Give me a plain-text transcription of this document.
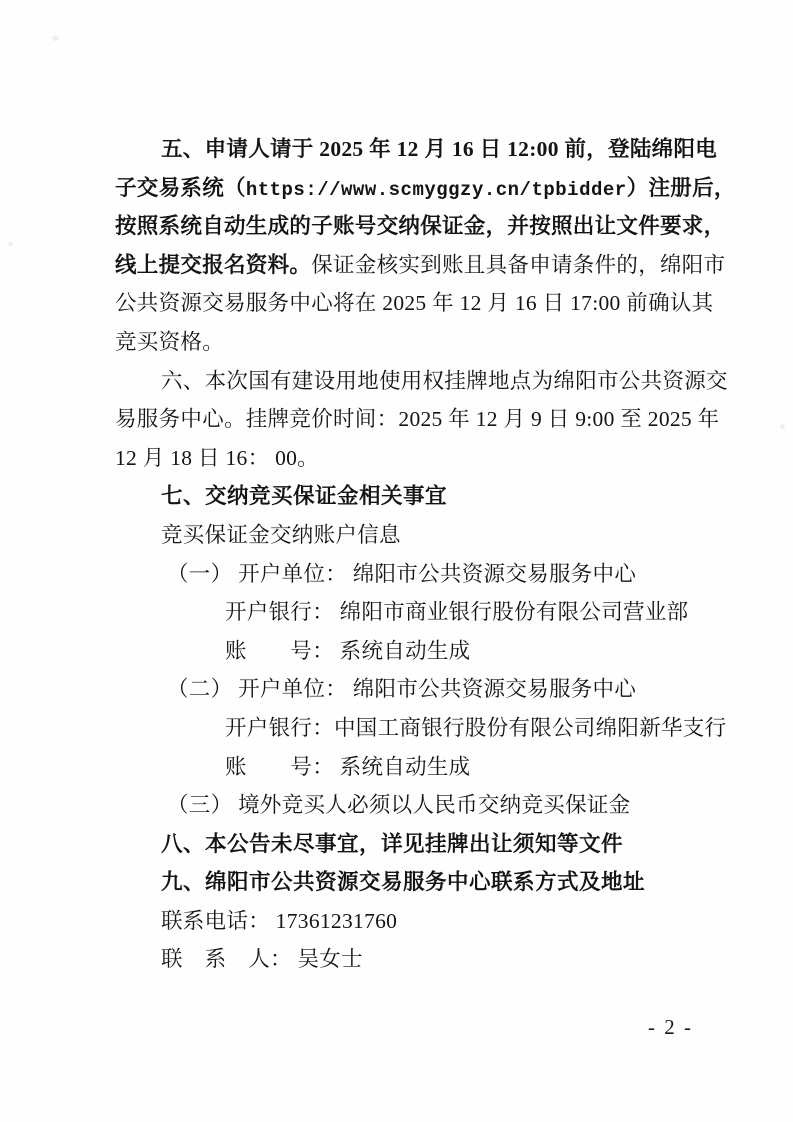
五、申请人请于 2025 年 12 月 16 日 12:00 前，登陆绵阳电
子交易系统（https://www.scmyggzy.cn/tpbidder）注册后，
按照系统自动生成的子账号交纳保证金，并按照出让文件要求，
线上提交报名资料。保证金核实到账且具备申请条件的，绵阳市
公共资源交易服务中心将在 2025 年 12 月 16 日 17:00 前确认其
竞买资格。
六、本次国有建设用地使用权挂牌地点为绵阳市公共资源交
易服务中心。挂牌竞价时间：2025 年 12 月 9 日 9:00 至 2025 年
12 月 18 日 16： 00。
七、交纳竞买保证金相关事宜
竞买保证金交纳账户信息
（一） 开户单位： 绵阳市公共资源交易服务中心
开户银行： 绵阳市商业银行股份有限公司营业部
账　　号： 系统自动生成
（二） 开户单位： 绵阳市公共资源交易服务中心
开户银行：中国工商银行股份有限公司绵阳新华支行
账　　号： 系统自动生成
（三） 境外竞买人必须以人民币交纳竞买保证金
八、本公告未尽事宜，详见挂牌出让须知等文件
九、绵阳市公共资源交易服务中心联系方式及地址
联系电话： 17361231760
联　系　人： 吴女士
- 2 -
